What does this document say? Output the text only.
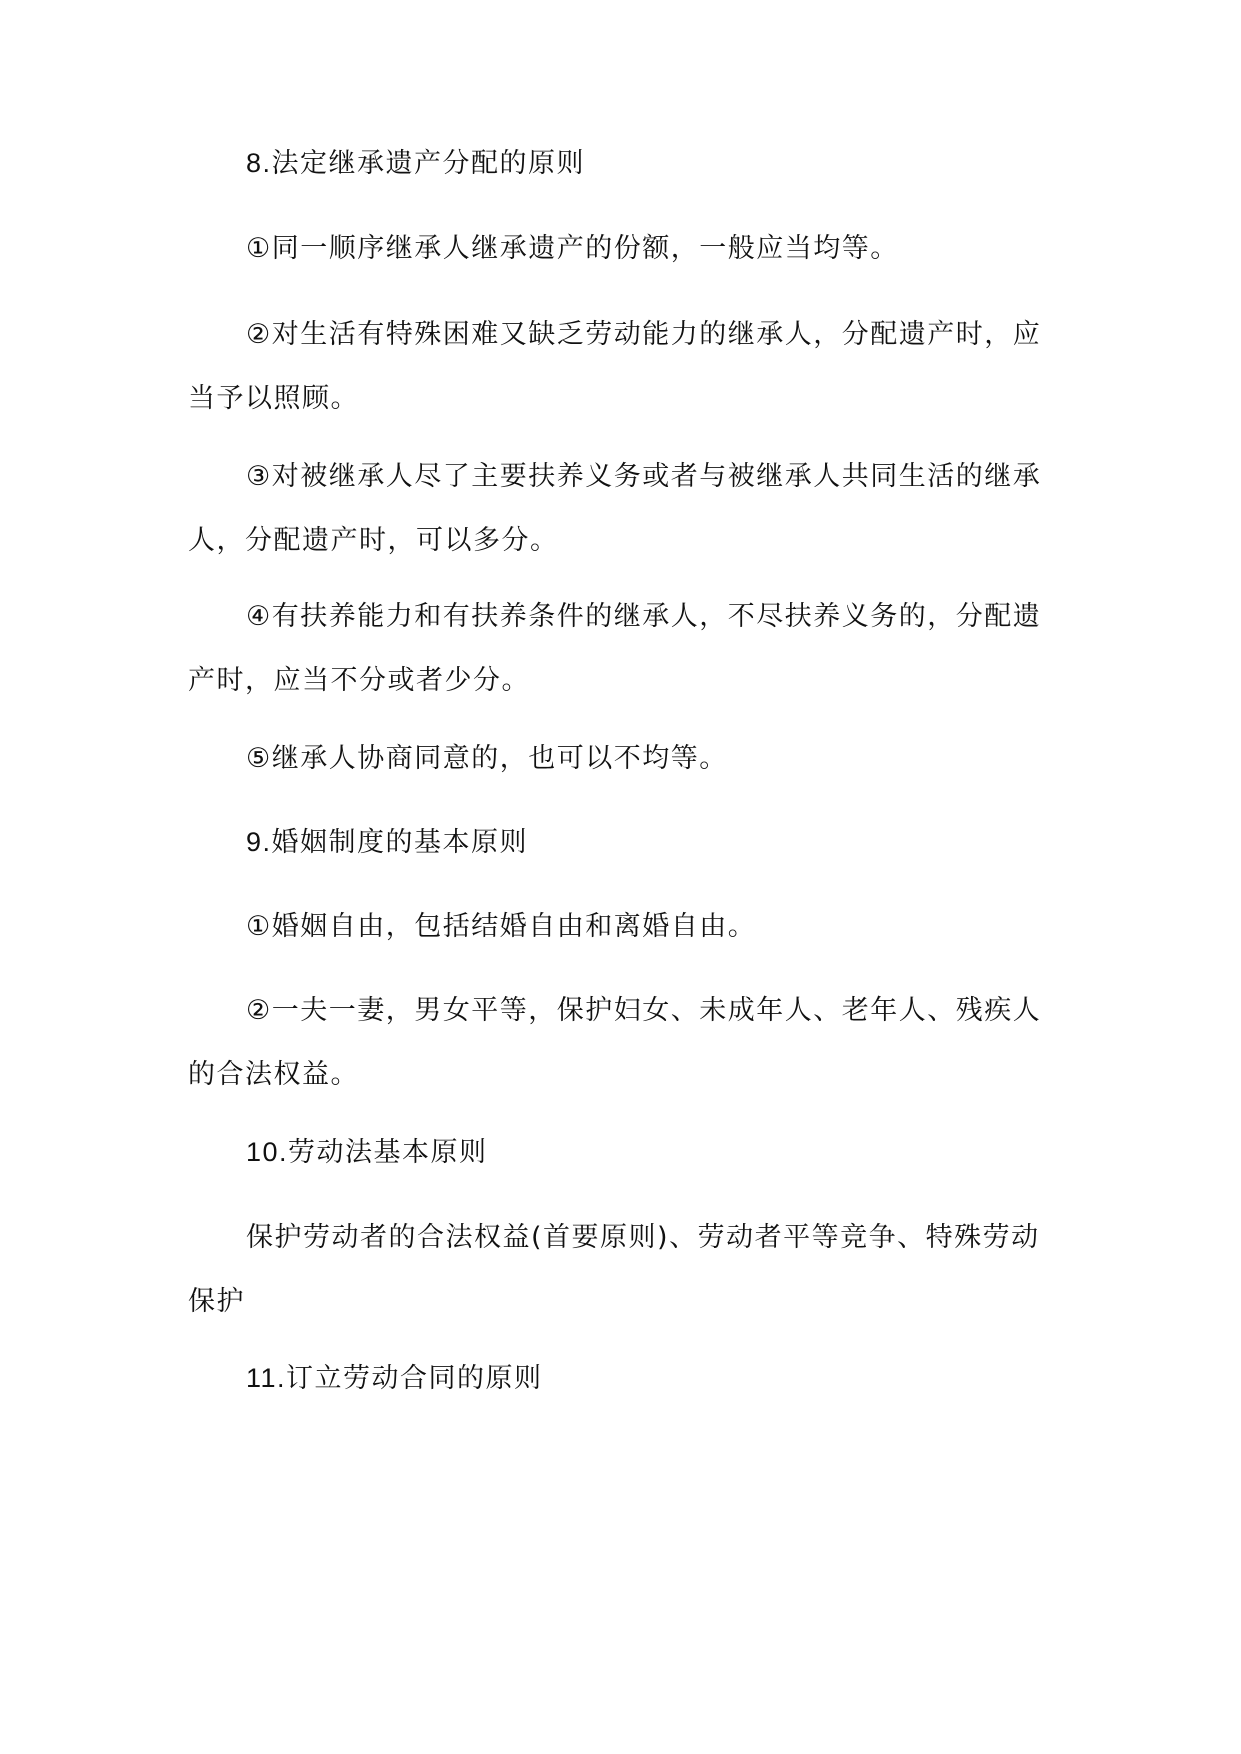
8.法定继承遗产分配的原则

①同一顺序继承人继承遗产的份额，一般应当均等。

②对生活有特殊困难又缺乏劳动能力的继承人，分配遗产时，应当予以照顾。

③对被继承人尽了主要扶养义务或者与被继承人共同生活的继承人，分配遗产时，可以多分。

④有扶养能力和有扶养条件的继承人，不尽扶养义务的，分配遗产时，应当不分或者少分。

⑤继承人协商同意的，也可以不均等。

9.婚姻制度的基本原则

①婚姻自由，包括结婚自由和离婚自由。

②一夫一妻，男女平等，保护妇女、未成年人、老年人、残疾人的合法权益。

10.劳动法基本原则

保护劳动者的合法权益(首要原则)、劳动者平等竞争、特殊劳动保护

11.订立劳动合同的原则
